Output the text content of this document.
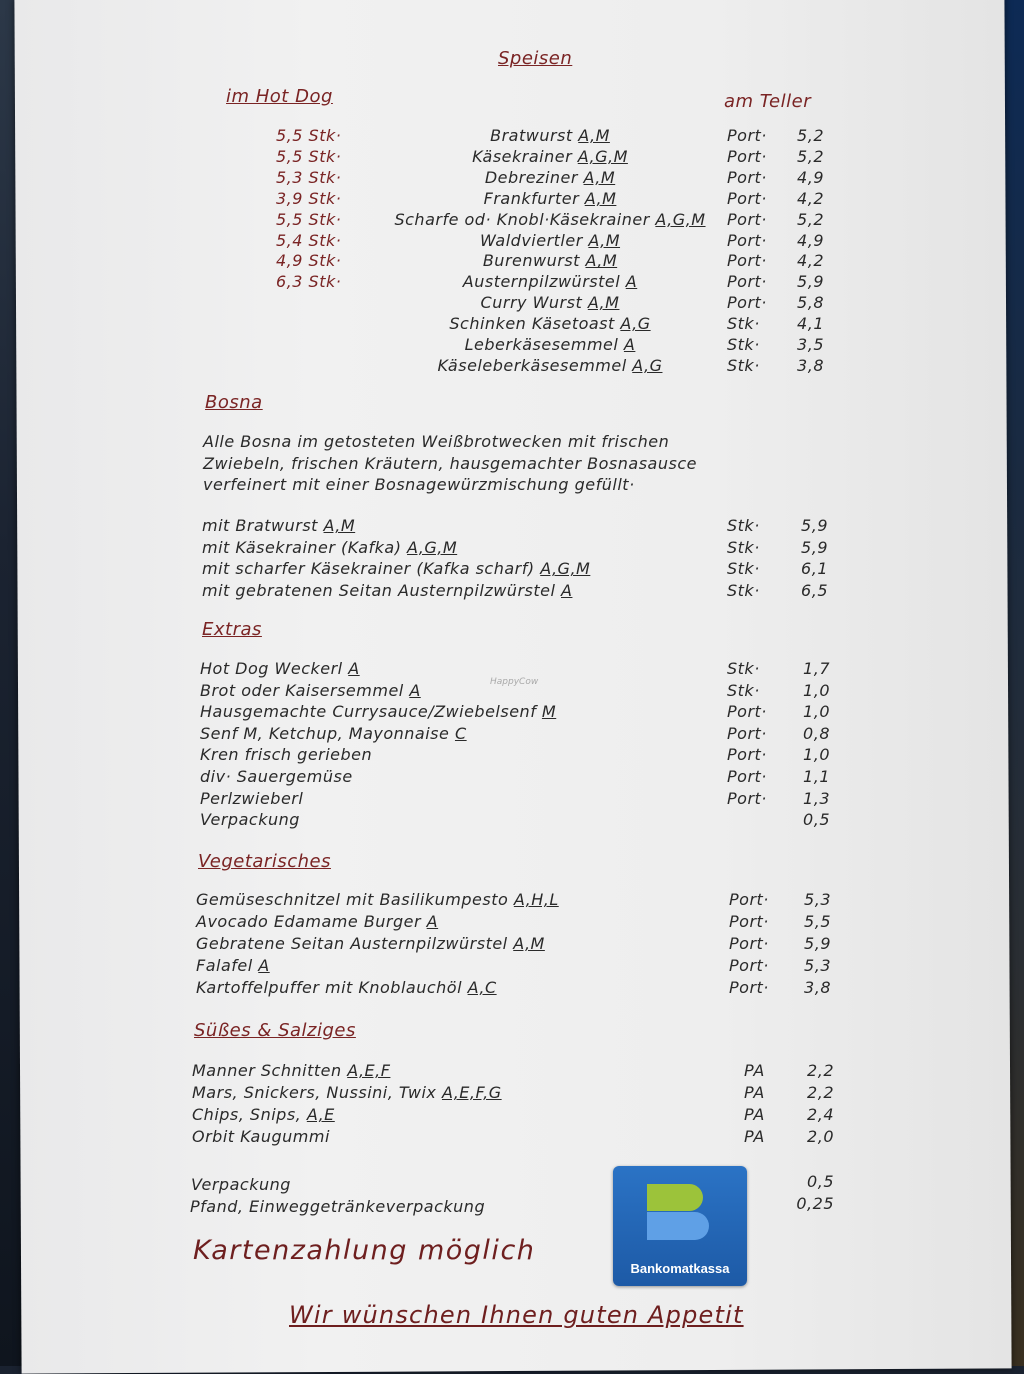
Speisen
im Hot Dog	am Teller
5,5 Stk·	Bratwurst A,M	Port·	5,2
5,5 Stk·	Käsekrainer A,G,M	Port·	5,2
5,3 Stk·	Debreziner A,M	Port·	4,9
3,9 Stk·	Frankfurter A,M	Port·	4,2
5,5 Stk·	Scharfe od· Knobl·Käsekrainer A,G,M	Port·	5,2
5,4 Stk·	Waldviertler A,M	Port·	4,9
4,9 Stk·	Burenwurst A,M	Port·	4,2
6,3 Stk·	Austernpilzwürstel A	Port·	5,9
Curry Wurst A,M	Port·	5,8
Schinken Käsetoast A,G	Stk·	4,1
Leberkäsesemmel A	Stk·	3,5
Käseleberkäsesemmel A,G	Stk·	3,8
Bosna
Alle Bosna im getosteten Weißbrotwecken mit frischen
Zwiebeln, frischen Kräutern, hausgemachter Bosnasausce
verfeinert mit einer Bosnagewürzmischung gefüllt·
mit Bratwurst A,M	Stk·	5,9
mit Käsekrainer (Kafka) A,G,M	Stk·	5,9
mit scharfer Käsekrainer (Kafka scharf) A,G,M	Stk·	6,1
mit gebratenen Seitan Austernpilzwürstel A	Stk·	6,5
Extras
Hot Dog Weckerl A	Stk·	1,7
Brot oder Kaisersemmel A	Stk·	1,0
Hausgemachte Currysauce/Zwiebelsenf M	Port·	1,0
Senf M, Ketchup, Mayonnaise C	Port·	0,8
Kren frisch gerieben	Port·	1,0
div· Sauergemüse	Port·	1,1
Perlzwieberl	Port·	1,3
Verpackung	0,5
HappyCow
Vegetarisches
Gemüseschnitzel mit Basilikumpesto A,H,L	Port·	5,3
Avocado Edamame Burger A	Port·	5,5
Gebratene Seitan Austernpilzwürstel A,M	Port·	5,9
Falafel A	Port·	5,3
Kartoffelpuffer mit Knoblauchöl A,C	Port·	3,8
Süßes & Salziges
Manner Schnitten A,E,F	PA	2,2
Mars, Snickers, Nussini, Twix A,E,F,G	PA	2,2
Chips, Snips, A,E	PA	2,4
Orbit Kaugummi	PA	2,0
Verpackung	0,5
Pfand, Einweggetränkeverpackung	0,25
Kartenzahlung möglich
Bankomatkassa
Wir wünschen Ihnen guten Appetit
